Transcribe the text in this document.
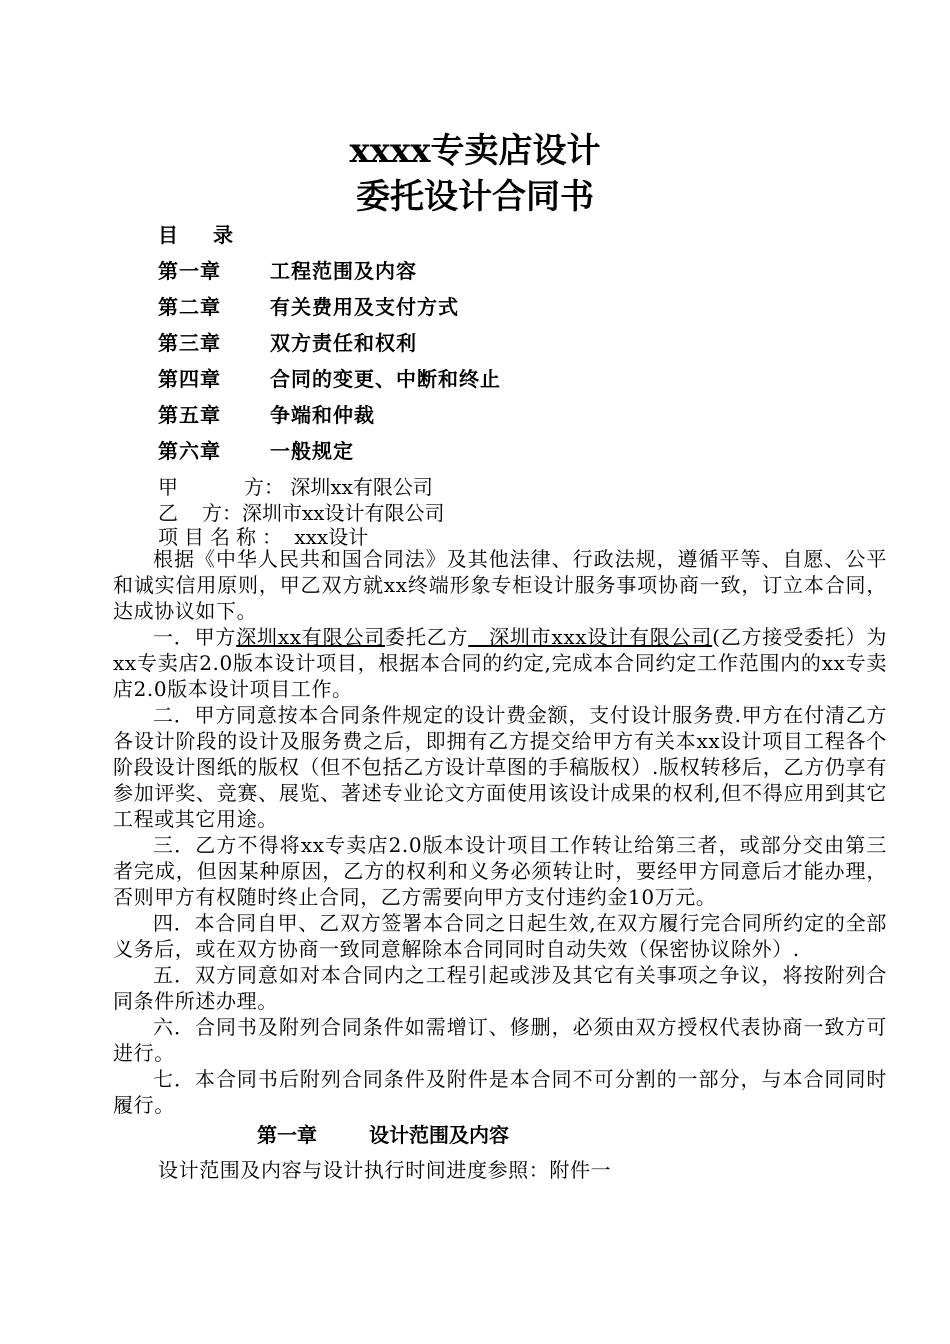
xxxx专卖店设计
委托设计合同书
目录
第一章 工程范围及内容
第二章 有关费用及支付方式
第三章 双方责任和权利
第四章 合同的变更、中断和终止
第五章 争端和仲裁
第六章 一般规定
甲	方： 深圳xx有限公司
乙 方：深圳市xx设计有限公司
项目名称： xxx设计

根据《中华人民共和国合同法》及其他法律、行政法规，遵循平等、自愿、公平和诚实信用原则，甲乙双方就xx终端形象专柜设计服务事项协商一致，订立本合同，达成协议如下。

一．甲方深圳xx有限公司委托乙方　深圳市xxx设计有限公司(乙方接受委托）为xx专卖店2.0版本设计项目，根据本合同的约定,完成本合同约定工作范围内的xx专卖店2.0版本设计项目工作。

二．甲方同意按本合同条件规定的设计费金额，支付设计服务费.甲方在付清乙方各设计阶段的设计及服务费之后，即拥有乙方提交给甲方有关本xx设计项目工程各个阶段设计图纸的版权（但不包括乙方设计草图的手稿版权）.版权转移后，乙方仍享有参加评奖、竞赛、展览、著述专业论文方面使用该设计成果的权利,但不得应用到其它工程或其它用途。

三．乙方不得将xx专卖店2.0版本设计项目工作转让给第三者，或部分交由第三者完成，但因某种原因，乙方的权利和义务必须转让时，要经甲方同意后才能办理，否则甲方有权随时终止合同，乙方需要向甲方支付违约金10万元。

四．本合同自甲、乙双方签署本合同之日起生效,在双方履行完合同所约定的全部义务后，或在双方协商一致同意解除本合同同时自动失效（保密协议除外）.

五．双方同意如对本合同内之工程引起或涉及其它有关事项之争议，将按附列合同条件所述办理。

六．合同书及附列合同条件如需增订、修删，必须由双方授权代表协商一致方可进行。

七．本合同书后附列合同条件及附件是本合同不可分割的一部分，与本合同同时履行。

第一章	设计范围及内容
设计范围及内容与设计执行时间进度参照：附件一
